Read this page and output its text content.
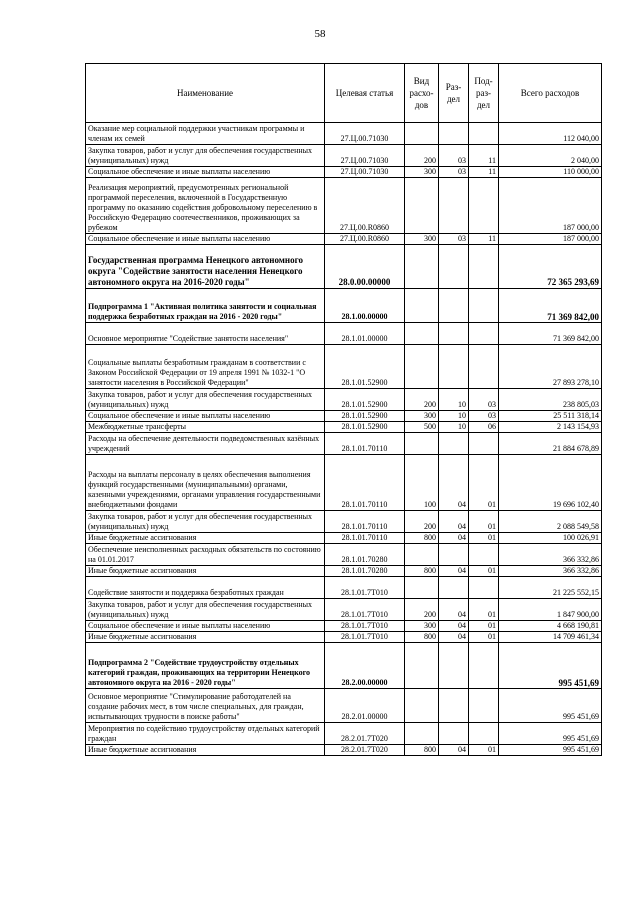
58
Наименование	Целевая статья	Вид расхо-дов	Раз-дел	Под-раз-дел	Всего расходов
Оказание мер социальной поддержки участникам программы и членам их семей	27.Ц.00.71030				112 040,00
Закупка товаров, работ и услуг для обеспечения государственных (муниципальных) нужд	27.Ц.00.71030	200	03	11	2 040,00
Социальное обеспечение и иные выплаты населению	27.Ц.00.71030	300	03	11	110 000,00
Реализация мероприятий, предусмотренных региональной программой переселения, включенной в Государственную программу по оказанию содействия добровольному переселению в Российскую Федерацию соотечественников, проживающих за рубежом	27.Ц.00.R0860				187 000,00
Социальное обеспечение и иные выплаты населению	27.Ц.00.R0860	300	03	11	187 000,00
Государственная программа Ненецкого автономного округа "Содействие занятости населения Ненецкого автономного округа на 2016-2020 годы"	28.0.00.00000				72 365 293,69
Подпрограмма 1 "Активная политика занятости и социальная поддержка безработных граждан на 2016 - 2020 годы"	28.1.00.00000				71 369 842,00
Основное мероприятие "Содействие занятости населения"	28.1.01.00000				71 369 842,00
Социальные выплаты безработным гражданам в соответствии с Законом Российской Федерации от 19 апреля 1991 № 1032-1 "О занятости населения в Российской Федерации"	28.1.01.52900				27 893 278,10
Закупка товаров, работ и услуг для обеспечения государственных (муниципальных) нужд	28.1.01.52900	200	10	03	238 805,03
Социальное обеспечение и иные выплаты населению	28.1.01.52900	300	10	03	25 511 318,14
Межбюджетные трансферты	28.1.01.52900	500	10	06	2 143 154,93
Расходы на обеспечение деятельности подведомственных казённых учреждений	28.1.01.70110				21 884 678,89
Расходы на выплаты персоналу в целях обеспечения выполнения функций государственными (муниципальными) органами, казенными учреждениями, органами управления государственными внебюджетными фондами	28.1.01.70110	100	04	01	19 696 102,40
Закупка товаров, работ и услуг для обеспечения государственных (муниципальных) нужд	28.1.01.70110	200	04	01	2 088 549,58
Иные бюджетные ассигнования	28.1.01.70110	800	04	01	100 026,91
Обеспечение неисполненных расходных обязательств по состоянию на 01.01.2017	28.1.01.70280				366 332,86
Иные бюджетные ассигнования	28.1.01.70280	800	04	01	366 332,86
Содействие занятости и поддержка безработных граждан	28.1.01.7Т010				21 225 552,15
Закупка товаров, работ и услуг для обеспечения государственных (муниципальных) нужд	28.1.01.7Т010	200	04	01	1 847 900,00
Социальное обеспечение и иные выплаты населению	28.1.01.7Т010	300	04	01	4 668 190,81
Иные бюджетные ассигнования	28.1.01.7Т010	800	04	01	14 709 461,34
Подпрограмма 2 "Содействие трудоустройству отдельных категорий граждан, проживающих на территории Ненецкого автономного округа на 2016 - 2020 годы"	28.2.00.00000				995 451,69
Основное мероприятие "Стимулирование работодателей на создание рабочих мест, в том числе специальных, для граждан, испытывающих трудности в поиске работы"	28.2.01.00000				995 451,69
Мероприятия по содействию трудоустройству отдельных категорий граждан	28.2.01.7Т020				995 451,69
Иные бюджетные ассигнования	28.2.01.7Т020	800	04	01	995 451,69
